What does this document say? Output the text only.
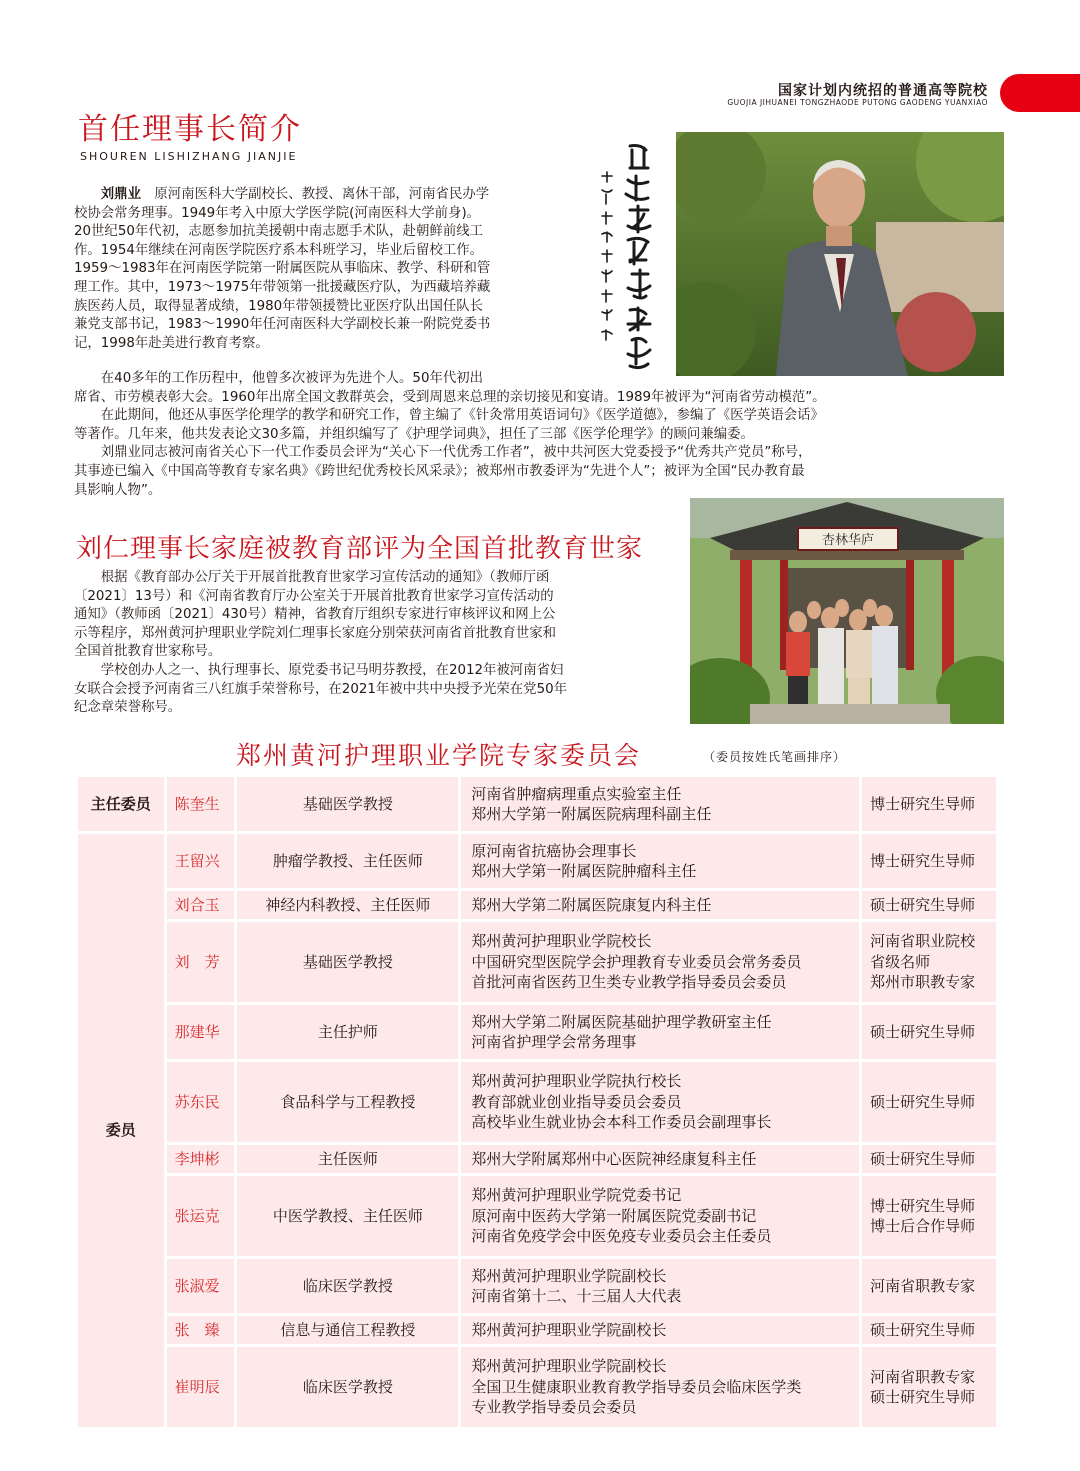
国家计划内统招的普通高等院校
GUOJIA JIHUANEI TONGZHAODE PUTONG GAODENG YUANXIAO
首任理事长简介
SHOUREN LISHIZHANG JIANJIE

刘鼎业　 原河南医科大学副校长、教授、离休干部，河南省民办学

校协会常务理事。1949年考入中原大学医学院(河南医科大学前身)。

20世纪50年代初，志愿参加抗美援朝中南志愿手术队，赴朝鲜前线工

作。1954年继续在河南医学院医疗系本科班学习，毕业后留校工作。

1959～1983年在河南医学院第一附属医院从事临床、教学、科研和管

理工作。其中，1973～1975年带领第一批援藏医疗队，为西藏培养藏

族医药人员，取得显著成绩，1980年带领援赞比亚医疗队出国任队长

兼党支部书记，1983～1990年任河南医科大学副校长兼一附院党委书

记，1998年赴美进行教育考察。

在40多年的工作历程中，他曾多次被评为先进个人。50年代初出

席省、市劳模表彰大会。1960年出席全国文教群英会，受到周恩来总理的亲切接见和宴请。1989年被评为“河南省劳动模范”。

在此期间，他还从事医学伦理学的教学和研究工作，曾主编了《针灸常用英语词句》《医学道德》，参编了《医学英语会话》

等著作。几年来，他共发表论文30多篇，并组织编写了《护理学词典》，担任了三部《医学伦理学》的顾问兼编委。

刘鼎业同志被河南省关心下一代工作委员会评为“关心下一代优秀工作者”，被中共河医大党委授予“优秀共产党员”称号，

其事迹已编入《中国高等教育专家名典》《跨世纪优秀校长风采录》；被郑州市教委评为“先进个人”；被评为全国“民办教育最

具影响人物”。

刘仁理事长家庭被教育部评为全国首批教育世家	杏林华庐

根据《教育部办公厅关于开展首批教育世家学习宣传活动的通知》（教师厅函

〔2021〕13号）和《河南省教育厅办公室关于开展首批教育世家学习宣传活动的

通知》（教师函〔2021〕430号）精神，省教育厅组织专家进行审核评议和网上公

示等程序，郑州黄河护理职业学院刘仁理事长家庭分别荣获河南省首批教育世家和

全国首批教育世家称号。

学校创办人之一、执行理事长、原党委书记马明芬教授，在2012年被河南省妇

女联合会授予河南省三八红旗手荣誉称号，在2021年被中共中央授予光荣在党50年

纪念章荣誉称号。

郑州黄河护理职业学院专家委员会	（委员按姓氏笔画排序）
主任委员	陈奎生	基础医学教授	河南省肿瘤病理重点实验室主任
郑州大学第一附属医院病理科副主任	博士研究生导师

委员	王留兴	肿瘤学教授、主任医师	原河南省抗癌协会理事长
郑州大学第一附属医院肿瘤科主任	博士研究生导师

	刘合玉	神经内科教授、主任医师	郑州大学第二附属医院康复内科主任	硕士研究生导师

	刘　芳	基础医学教授	郑州黄河护理职业学院校长
中国研究型医院学会护理教育专业委员会常务委员
首批河南省医药卫生类专业教学指导委员会委员	河南省职业院校
省级名师
郑州市职教专家

	那建华	主任护师	郑州大学第二附属医院基础护理学教研室主任
河南省护理学会常务理事	硕士研究生导师

	苏东民	食品科学与工程教授	郑州黄河护理职业学院执行校长
教育部就业创业指导委员会委员
高校毕业生就业协会本科工作委员会副理事长	硕士研究生导师

	李坤彬	主任医师	郑州大学附属郑州中心医院神经康复科主任	硕士研究生导师

	张运克	中医学教授、主任医师	郑州黄河护理职业学院党委书记
原河南中医药大学第一附属医院党委副书记
河南省免疫学会中医免疫专业委员会主任委员	博士研究生导师
博士后合作导师

	张淑爱	临床医学教授	郑州黄河护理职业学院副校长
河南省第十二、十三届人大代表	河南省职教专家

	张　臻	信息与通信工程教授	郑州黄河护理职业学院副校长	硕士研究生导师

	崔明辰	临床医学教授	郑州黄河护理职业学院副校长
全国卫生健康职业教育教学指导委员会临床医学类
专业教学指导委员会委员	河南省职教专家
硕士研究生导师
